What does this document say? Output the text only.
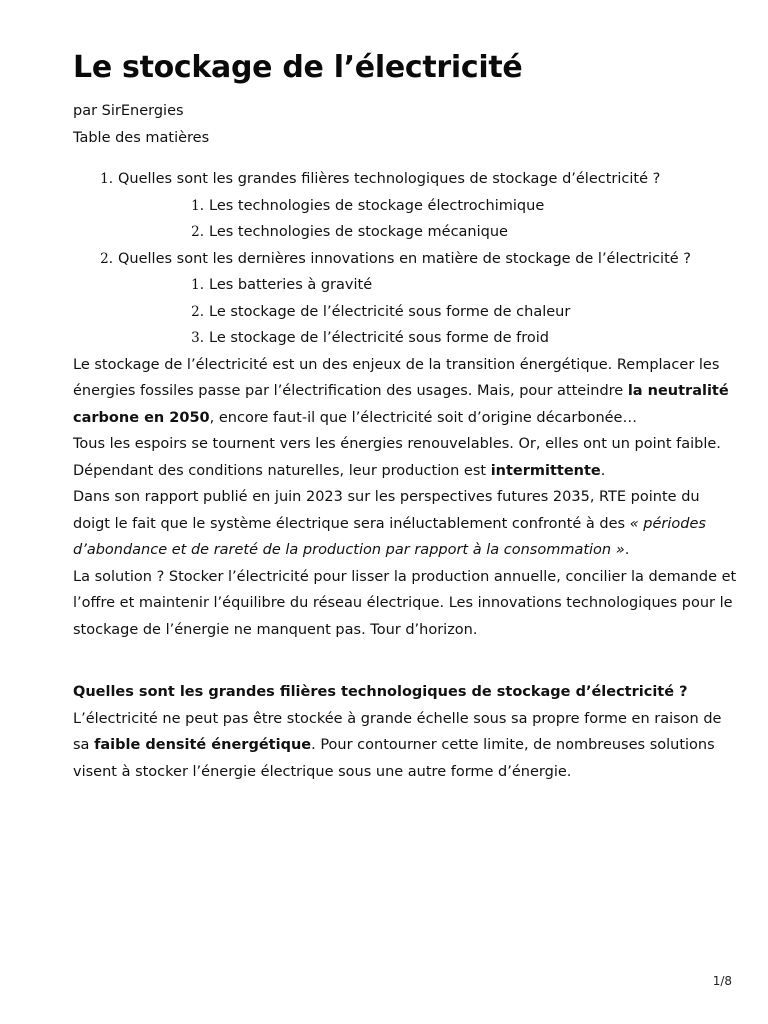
Le stockage de l’électricité
par SirEnergies
Table des matières
1. Quelles sont les grandes filières technologiques de stockage d’électricité ?
1. Les technologies de stockage électrochimique
2. Les technologies de stockage mécanique
2. Quelles sont les dernières innovations en matière de stockage de l’électricité ?
1. Les batteries à gravité
2. Le stockage de l’électricité sous forme de chaleur
3. Le stockage de l’électricité sous forme de froid

Le stockage de l’électricité est un des enjeux de la transition énergétique. Remplacer les énergies fossiles passe par l’électrification des usages. Mais, pour atteindre la neutralité carbone en 2050, encore faut-il que l’électricité soit d’origine décarbonée…

Tous les espoirs se tournent vers les énergies renouvelables. Or, elles ont un point faible. Dépendant des conditions naturelles, leur production est intermittente.

Dans son rapport publié en juin 2023 sur les perspectives futures 2035, RTE pointe du doigt le fait que le système électrique sera inéluctablement confronté à des « périodes d’abondance et de rareté de la production par rapport à la consommation ».

La solution ? Stocker l’électricité pour lisser la production annuelle, concilier la demande et l’offre et maintenir l’équilibre du réseau électrique. Les innovations technologiques pour le stockage de l’énergie ne manquent pas. Tour d’horizon.

Quelles sont les grandes filières technologiques de stockage d’électricité ?

L’électricité ne peut pas être stockée à grande échelle sous sa propre forme en raison de sa faible densité énergétique. Pour contourner cette limite, de nombreuses solutions visent à stocker l’énergie électrique sous une autre forme d’énergie.

1/8
